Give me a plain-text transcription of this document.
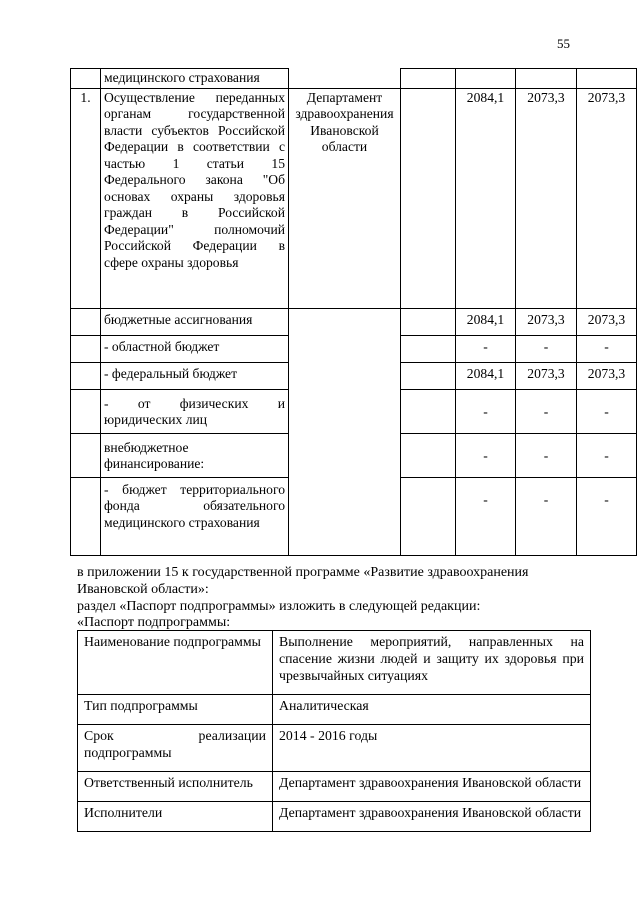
55
	медицинского страхования					
1.	Осуществление переданных органам государственной власти субъектов Российской Федерации в соответствии с частью 1 статьи 15 Федерального закона "Об основах охраны здоровья граждан в Российской Федерации" полномочий Российской Федерации в сфере охраны здоровья	Департамент здравоохранения Ивановской области		2084,1	2073,3	2073,3
	бюджетные ассигнования			2084,1	2073,3	2073,3
	- областной бюджет			-	-	-
	- федеральный бюджет			2084,1	2073,3	2073,3
	- от физических и юридических лиц			-	-	-
	внебюджетное финансирование:			-	-	-
	- бюджет территориального фонда обязательного медицинского страхования			-	-	-
в приложении 15 к государственной программе «Развитие здравоохранения Ивановской области»:
раздел «Паспорт подпрограммы» изложить в следующей редакции:
«Паспорт подпрограммы:
Наименование подпрограммы	Выполнение мероприятий, направленных на спасение жизни людей и защиту их здоровья при чрезвычайных ситуациях
Тип подпрограммы	Аналитическая
Срок реализации подпрограммы	2014 - 2016 годы
Ответственный исполнитель	Департамент здравоохранения Ивановской области
Исполнители	Департамент здравоохранения Ивановской области
